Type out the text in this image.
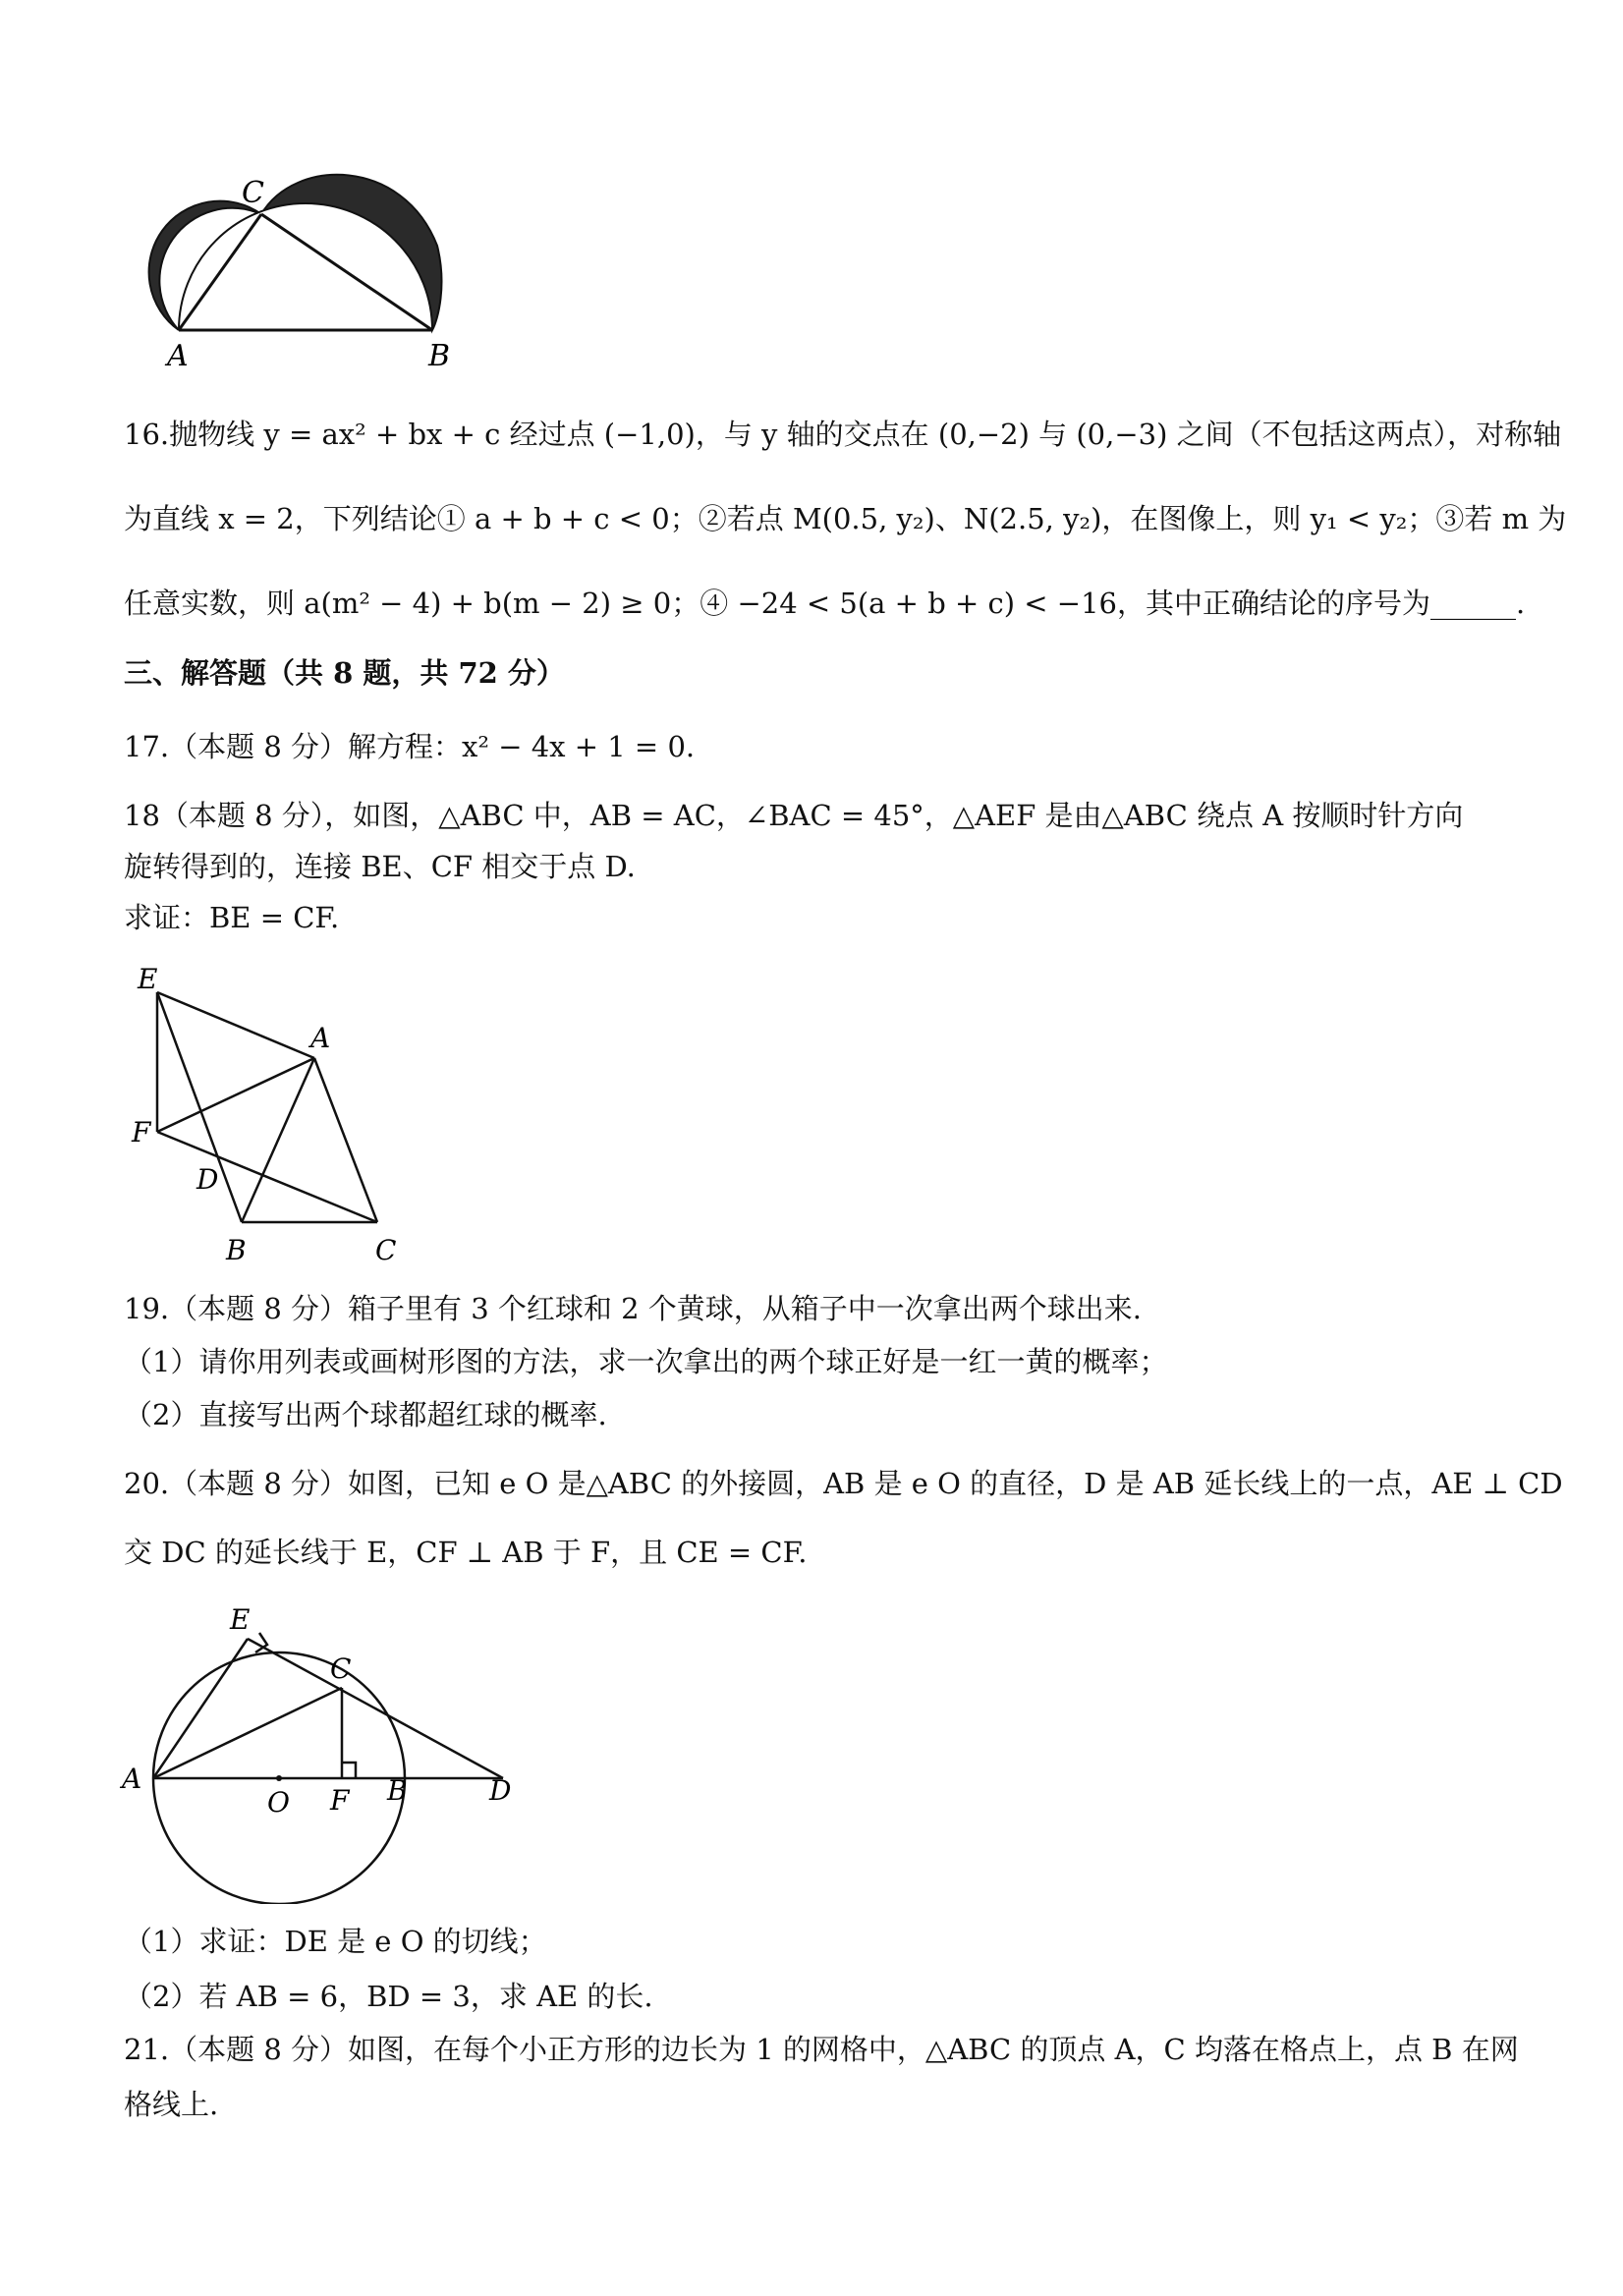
C
A	B
16.抛物线 y = ax² + bx + c 经过点 (−1,0)，与 y 轴的交点在 (0,−2) 与 (0,−3) 之间（不包括这两点），对称轴
为直线 x = 2，下列结论① a + b + c < 0；②若点 M(0.5, y₂)、N(2.5, y₂)，在图像上，则 y₁ < y₂；③若 m 为
任意实数，则 a(m² − 4) + b(m − 2) ≥ 0；④ −24 < 5(a + b + c) < −16，其中正确结论的序号为______.
三、解答题（共 8 题，共 72 分）
17.（本题 8 分）解方程：x² − 4x + 1 = 0.
18（本题 8 分），如图，△ABC 中，AB = AC，∠BAC = 45°，△AEF 是由△ABC 绕点 A 按顺时针方向
旋转得到的，连接 BE、CF 相交于点 D.
求证：BE = CF.
E
A
F
D
B	C
19.（本题 8 分）箱子里有 3 个红球和 2 个黄球，从箱子中一次拿出两个球出来.
（1）请你用列表或画树形图的方法，求一次拿出的两个球正好是一红一黄的概率；
（2）直接写出两个球都超红球的概率.
20.（本题 8 分）如图，已知 e O 是△ABC 的外接圆，AB 是 e O 的直径，D 是 AB 延长线上的一点，AE ⊥ CD
交 DC 的延长线于 E，CF ⊥ AB 于 F，且 CE = CF.
E
C
A
O F B	D
（1）求证：DE 是 e O 的切线；
（2）若 AB = 6，BD = 3，求 AE 的长.
21.（本题 8 分）如图，在每个小正方形的边长为 1 的网格中，△ABC 的顶点 A，C 均落在格点上，点 B 在网
格线上.
